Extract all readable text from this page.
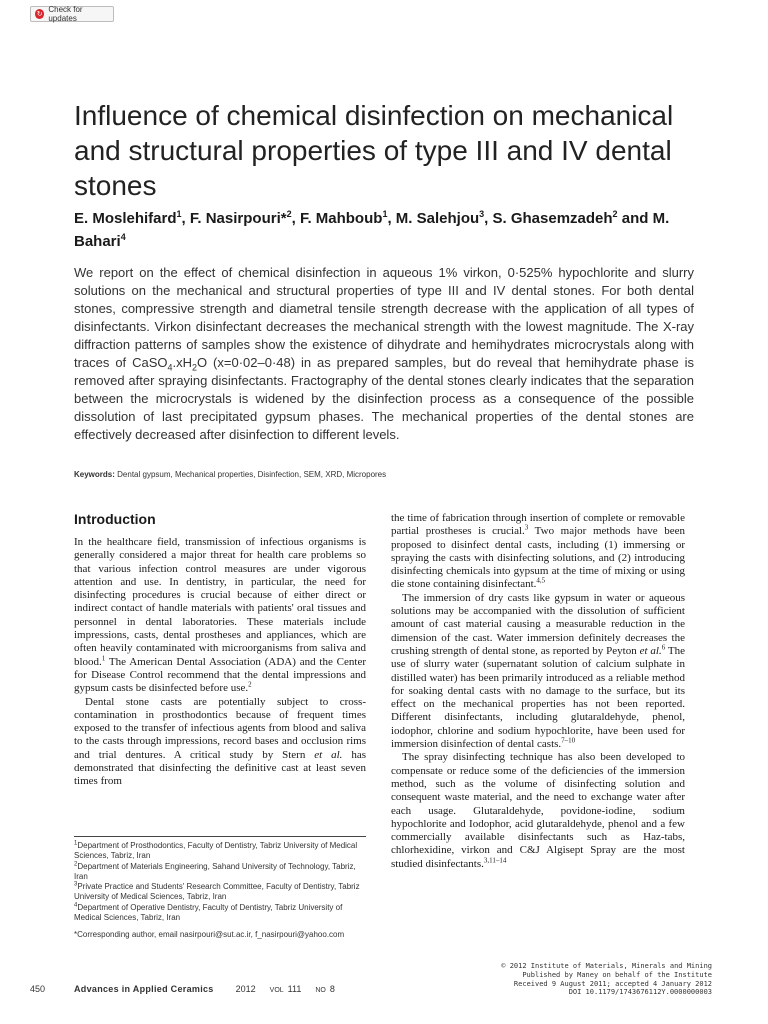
↻ Check for updates
Influence of chemical disinfection on mechanical and structural properties of type III and IV dental stones
E. Moslehifard$^1$, F. Nasirpouri*$^2$, F. Mahboub$^1$, M. Salehjou$^3$, S. Ghasemzadeh$^2$ and M. Bahari$^4$

We report on the effect of chemical disinfection in aqueous 1% virkon, 0·525% hypochlorite and slurry solutions on the mechanical and structural properties of type III and IV dental stones. For both dental stones, compressive strength and diametral tensile strength decrease with the application of all types of disinfectants. Virkon disinfectant decreases the mechanical strength with the lowest magnitude. The X-ray diffraction patterns of samples show the existence of dihydrate and hemihydrates microcrystals along with traces of $CaSO_4.xH_2O$ (x=0·02–0·48) in as prepared samples, but do reveal that hemihydrate phase is removed after spraying disinfectants. Fractography of the dental stones clearly indicates that the separation between the microcrystals is widened by the disinfection process as a consequence of the possible dissolution of last precipitated gypsum phases. The mechanical properties of the dental stones are effectively decreased after disinfection to different levels.

Keywords: Dental gypsum, Mechanical properties, Disinfection, SEM, XRD, Micropores
Introduction

In the healthcare field, transmission of infectious organisms is generally considered a major threat for health care problems so that various infection control measures are under vigorous attention and use. In dentistry, in particular, the need for disinfecting procedures is crucial because of either direct or indirect contact of handle materials with patients' oral tissues and personnel in dental laboratories. These materials include impressions, casts, dental prostheses and appliances, which are often heavily contaminated with microorganisms from saliva and blood.$^1$ The American Dental Association (ADA) and the Center for Disease Control recommend that the dental impressions and gypsum casts be disinfected before use.$^2$

Dental stone casts are potentially subject to cross-contamination in prosthodontics because of frequent times exposed to the transfer of infectious agents from blood and saliva to the casts through impressions, record bases and occlusion rims and trial dentures. A critical study by Stern et al. has demonstrated that disinfecting the definitive cast at least seven times from

the time of fabrication through insertion of complete or removable partial prostheses is crucial.$^3$ Two major methods have been proposed to disinfect dental casts, including (1) immersing or spraying the casts with disinfecting solutions, and (2) introducing disinfecting chemicals into gypsum at the time of mixing or using die stone containing disinfectant.$^{4,5}$

The immersion of dry casts like gypsum in water or aqueous solutions may be accompanied with the dissolution of sufficient amount of cast material causing a measurable reduction in the dimension of the cast. Water immersion definitely decreases the crushing strength of dental stone, as reported by Peyton et al.$^6$ The use of slurry water (supernatant solution of calcium sulphate in distilled water) has been primarily introduced as a reliable method for soaking dental casts with no damage to the surface, but its effect on the mechanical properties has not been reported. Different disinfectants, including glutaraldehyde, phenol, iodophor, chlorine and sodium hypochlorite, have been used for immersion disinfection of dental casts.$^{7-10}$

The spray disinfecting technique has also been developed to compensate or reduce some of the deficiencies of the immersion method, such as the volume of disinfecting solution and consequent waste material, and the need to exchange water after each usage. Glutaraldehyde, povidone-iodine, sodium hypochlorite and Iodophor, acid glutaraldehyde, phenol and a few commercially available disinfectants such as Haz-tabs, chlorhexidine, virkon and C&J Algisept Spray are the most studied disinfectants.$^{3,11-14}$

$^1$Department of Prosthodontics, Faculty of Dentistry, Tabriz University of Medical Sciences, Tabriz, Iran

$^2$Department of Materials Engineering, Sahand University of Technology, Tabriz, Iran

$^3$Private Practice and Students' Research Committee, Faculty of Dentistry, Tabriz University of Medical Sciences, Tabriz, Iran

$^4$Department of Operative Dentistry, Faculty of Dentistry, Tabriz University of Medical Sciences, Tabriz, Iran

*Corresponding author, email nasirpouri@sut.ac.ir, f_nasirpouri@yahoo.com

© 2012 Institute of Materials, Minerals and Mining
Published by Maney on behalf of the Institute
Received 9 August 2011; accepted 4 January 2012
DOI 10.1179/1743676112Y.0000000003
450	Advances in Applied Ceramics 2012 VOL 111 NO 8
